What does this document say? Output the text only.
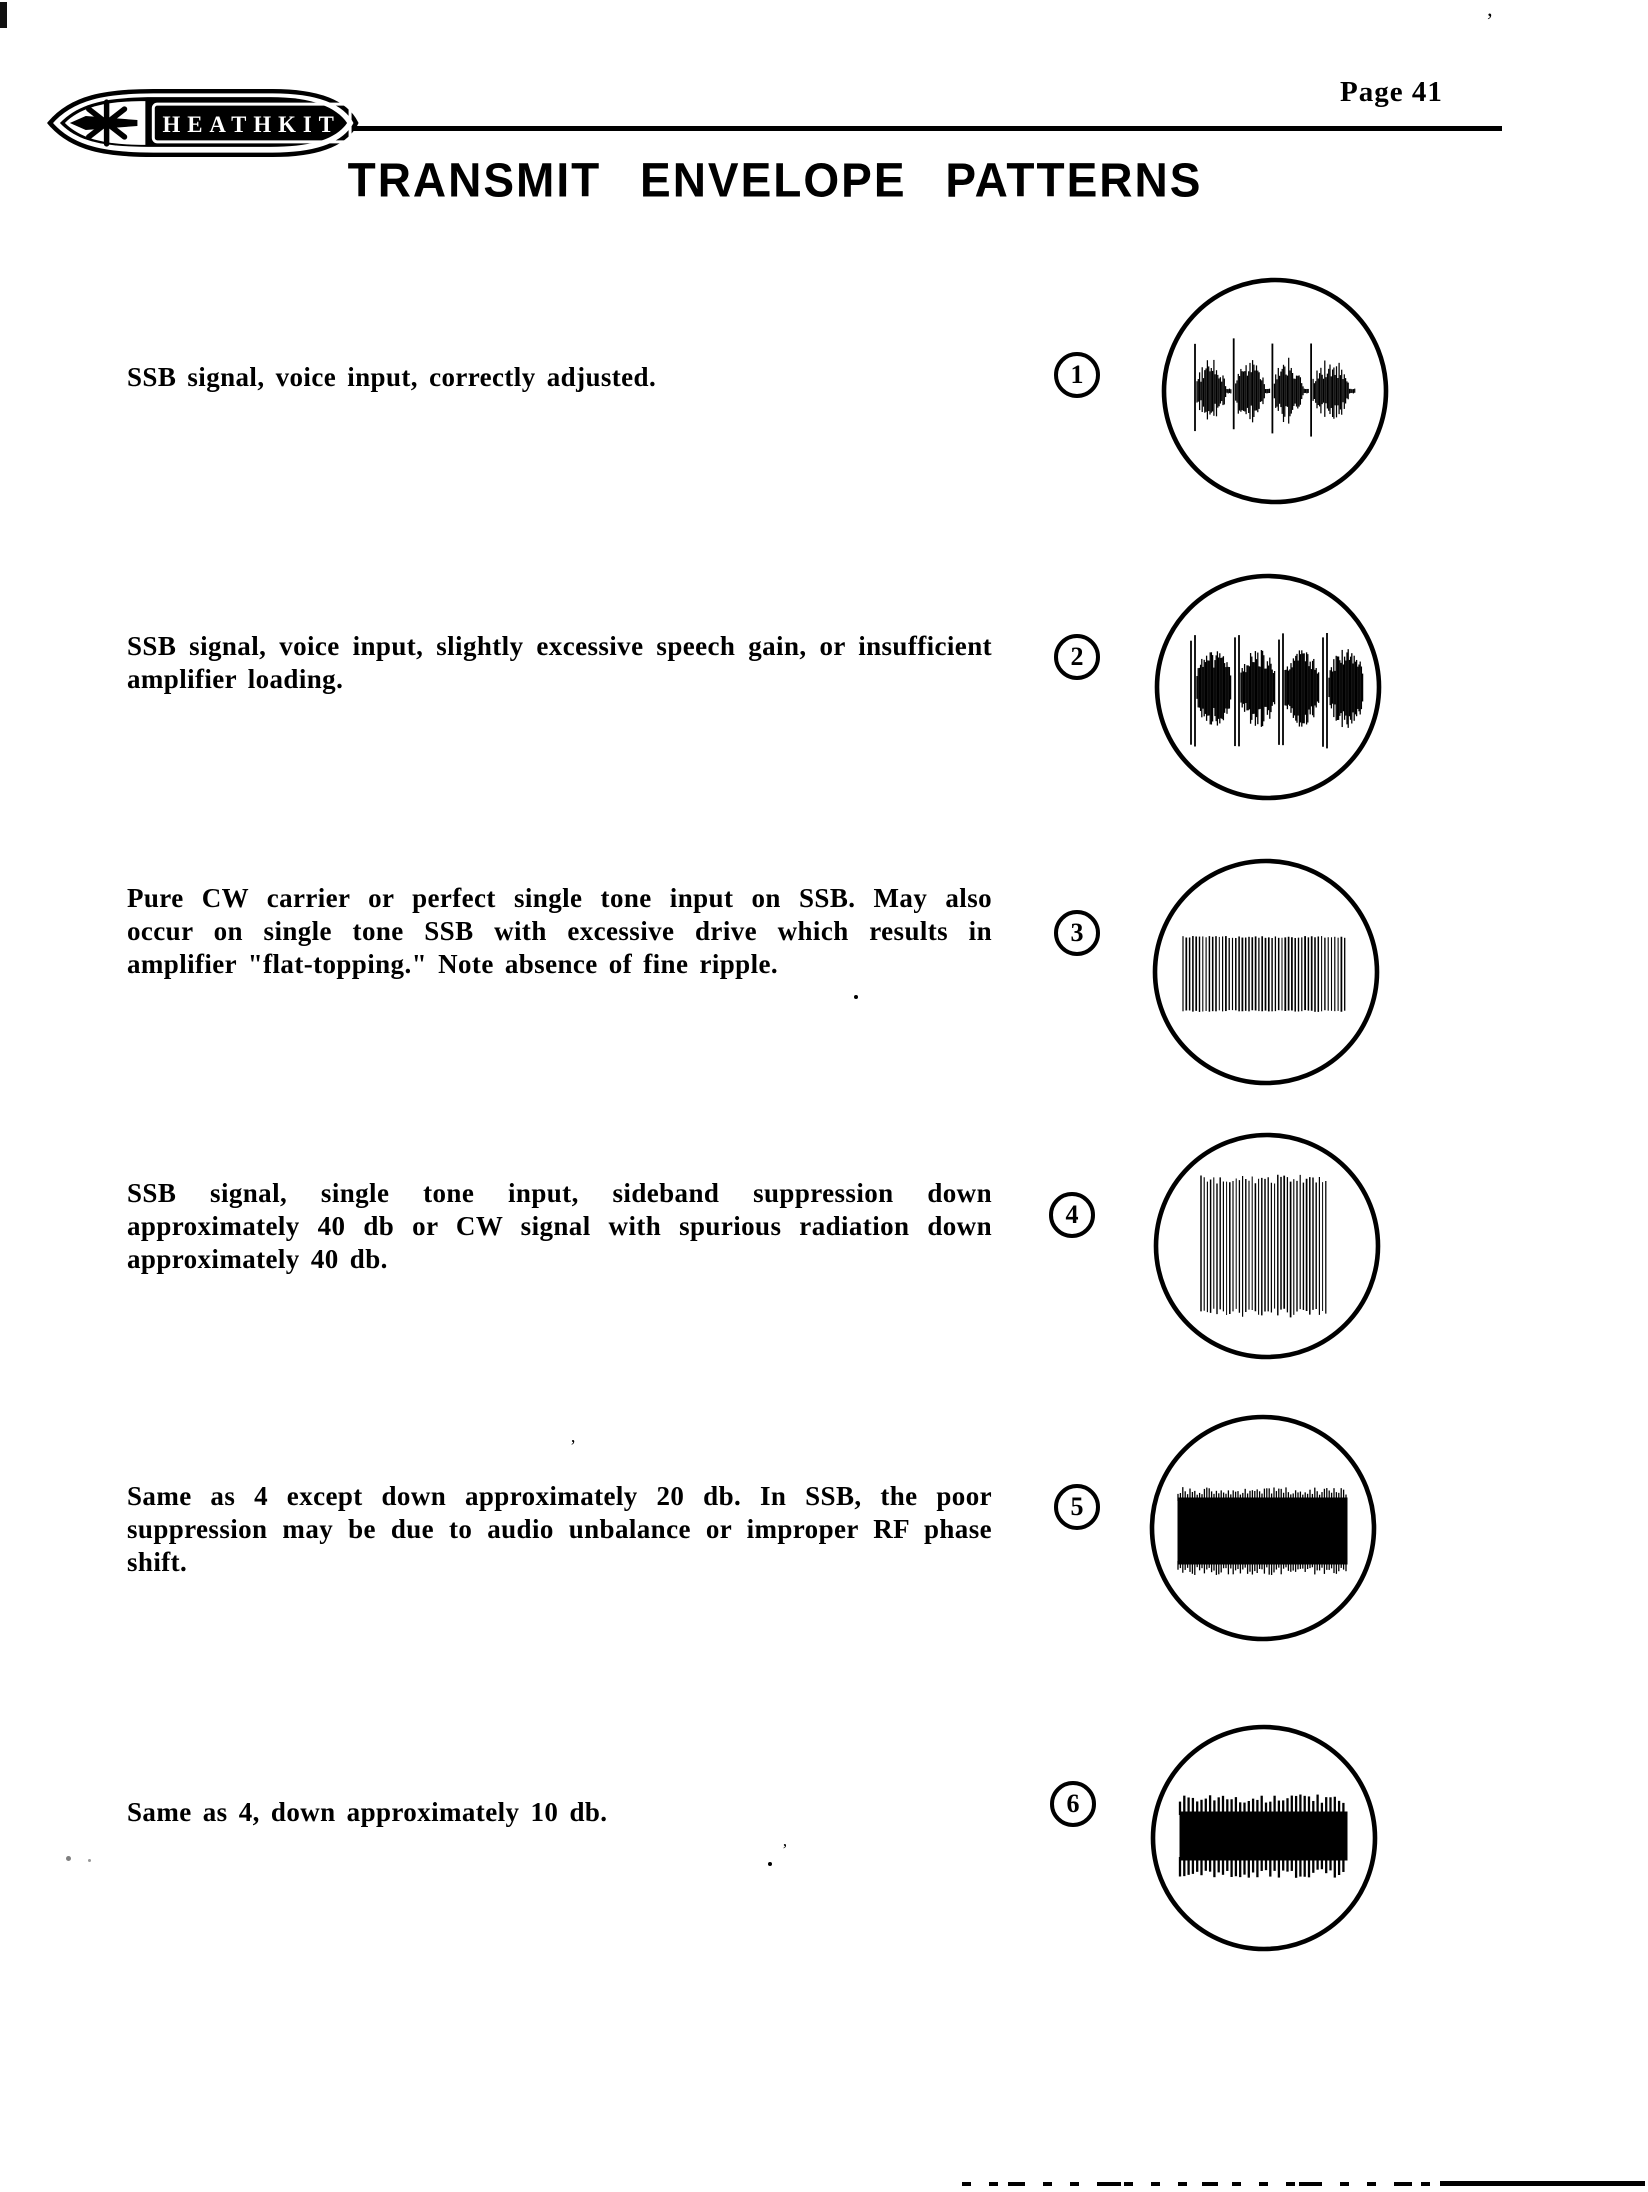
HEATHKIT
Page 41
’
TRANSMIT ENVELOPE PATTERNS

SSB signal, voice input, correctly adjusted.	1

SSB signal, voice input, slightly excessive speech gain, or insufficient amplifier loading.

2

Pure CW carrier or perfect single tone input on SSB. May also occur on single tone SSB with excessive drive which results in amplifier "flat-topping." Note absence of fine ripple.

3

SSB signal, single tone input, sideband suppression down approximately 40 db or CW signal with spurious radiation down approximately 40 db.

4

Same as 4 except down approximately 20 db. In SSB, the poor suppression may be due to audio unbalance or improper RF phase shift.

5

Same as 4, down approximately 10 db.	6
’
’
